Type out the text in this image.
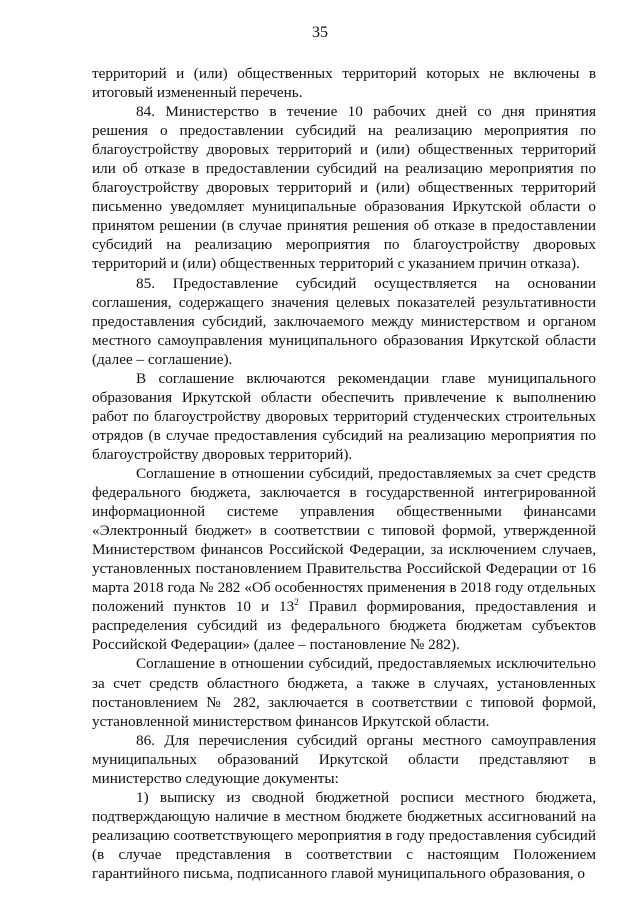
35

территорий и (или) общественных территорий которых не включены в итоговый измененный перечень.

84. Министерство в течение 10 рабочих дней со дня принятия решения о предоставлении субсидий на реализацию мероприятия по благоустройству дворовых территорий и (или) общественных территорий или об отказе в предоставлении субсидий на реализацию мероприятия по благоустройству дворовых территорий и (или) общественных территорий письменно уведомляет муниципальные образования Иркутской области о принятом решении (в случае принятия решения об отказе в предоставлении субсидий на реализацию мероприятия по благоустройству дворовых территорий и (или) общественных территорий с указанием причин отказа).

85. Предоставление субсидий осуществляется на основании соглашения, содержащего значения целевых показателей результативности предоставления субсидий, заключаемого между министерством и органом местного самоуправления муниципального образования Иркутской области (далее – соглашение).

В соглашение включаются рекомендации главе муниципального образования Иркутской области обеспечить привлечение к выполнению работ по благоустройству дворовых территорий студенческих строительных отрядов (в случае предоставления субсидий на реализацию мероприятия по благоустройству дворовых территорий).

Соглашение в отношении субсидий, предоставляемых за счет средств федерального бюджета, заключается в государственной интегрированной информационной системе управления общественными финансами «Электронный бюджет» в соответствии с типовой формой, утвержденной Министерством финансов Российской Федерации, за исключением случаев, установленных постановлением Правительства Российской Федерации от 16 марта 2018 года № 282 «Об особенностях применения в 2018 году отдельных положений пунктов 10 и $13^2$ Правил формирования, предоставления и распределения субсидий из федерального бюджета бюджетам субъектов Российской Федерации» (далее – постановление № 282).

Соглашение в отношении субсидий, предоставляемых исключительно за счет средств областного бюджета, а также в случаях, установленных постановлением № 282, заключается в соответствии с типовой формой, установленной министерством финансов Иркутской области.

86. Для перечисления субсидий органы местного самоуправления муниципальных образований Иркутской области представляют в министерство следующие документы:

1) выписку из сводной бюджетной росписи местного бюджета, подтверждающую наличие в местном бюджете бюджетных ассигнований на реализацию соответствующего мероприятия в году предоставления субсидий (в случае представления в соответствии с настоящим Положением гарантийного письма, подписанного главой муниципального образования, о
